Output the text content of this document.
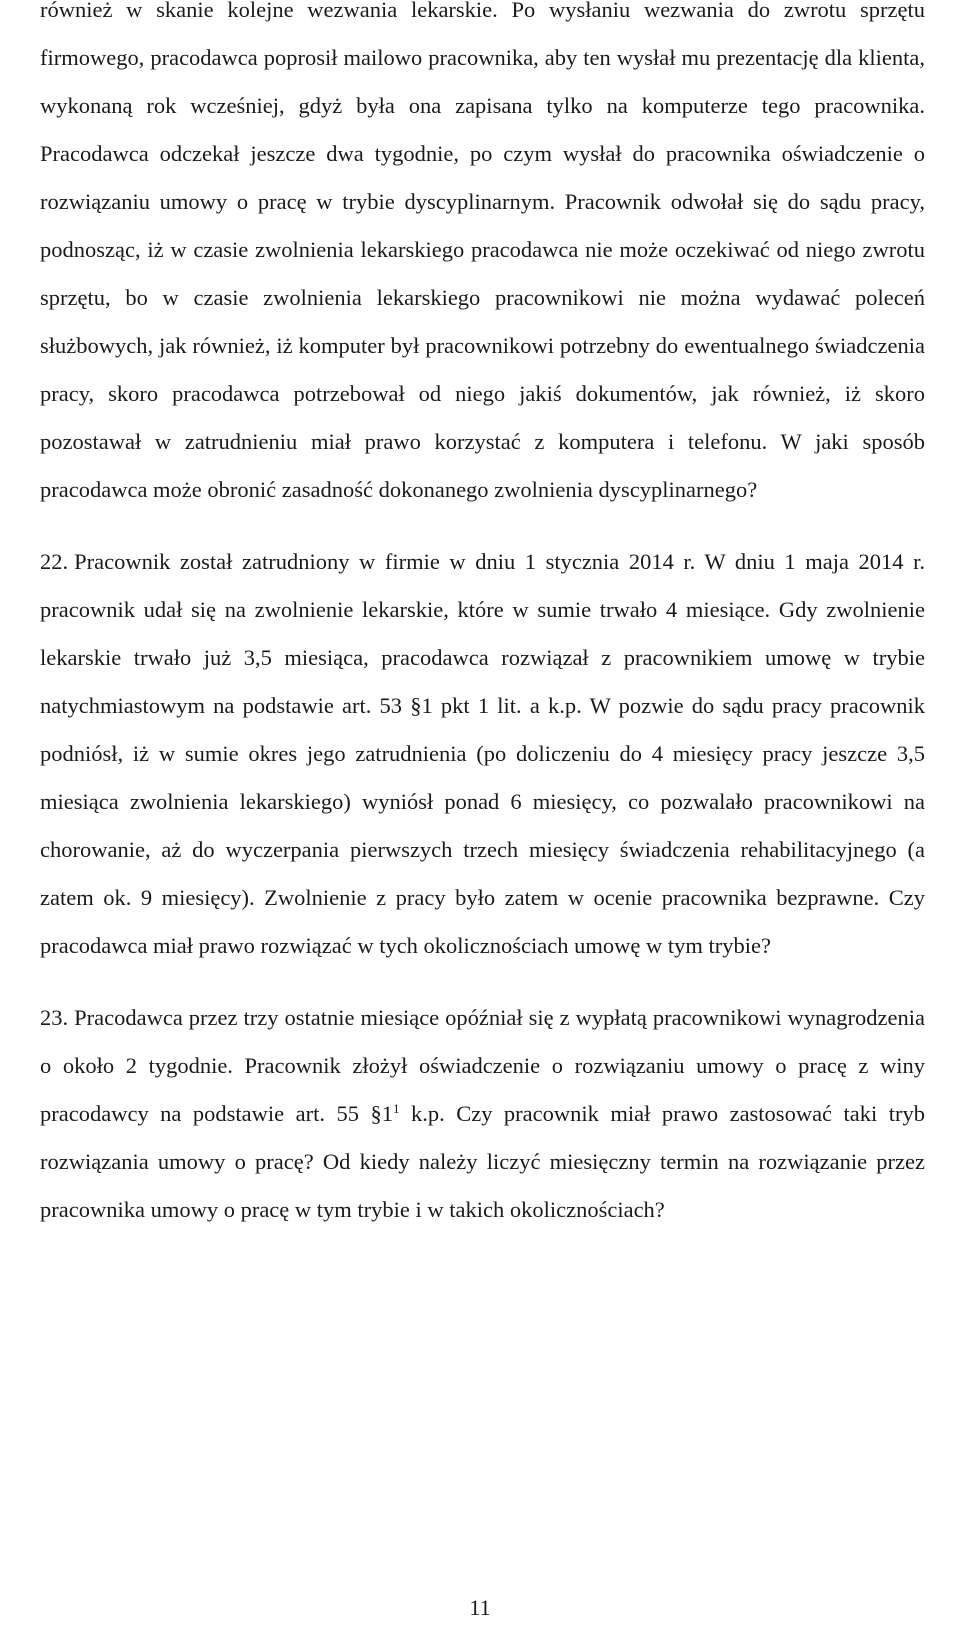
również w skanie kolejne wezwania lekarskie. Po wysłaniu wezwania do zwrotu sprzętu firmowego, pracodawca poprosił mailowo pracownika, aby ten wysłał mu prezentację dla klienta, wykonaną rok wcześniej, gdyż była ona zapisana tylko na komputerze tego pracownika. Pracodawca odczekał jeszcze dwa tygodnie, po czym wysłał do pracownika oświadczenie o rozwiązaniu umowy o pracę w trybie dyscyplinarnym. Pracownik odwołał się do sądu pracy, podnosząc, iż w czasie zwolnienia lekarskiego pracodawca nie może oczekiwać od niego zwrotu sprzętu, bo w czasie zwolnienia lekarskiego pracownikowi nie można wydawać poleceń służbowych, jak również, iż komputer był pracownikowi potrzebny do ewentualnego świadczenia pracy, skoro pracodawca potrzebował od niego jakiś dokumentów, jak również, iż skoro pozostawał w zatrudnieniu miał prawo korzystać z komputera i telefonu. W jaki sposób pracodawca może obronić zasadność dokonanego zwolnienia dyscyplinarnego?

22. Pracownik został zatrudniony w firmie w dniu 1 stycznia 2014 r. W dniu 1 maja 2014 r. pracownik udał się na zwolnienie lekarskie, które w sumie trwało 4 miesiące. Gdy zwolnienie lekarskie trwało już 3,5 miesiąca, pracodawca rozwiązał z pracownikiem umowę w trybie natychmiastowym na podstawie art. 53 §1 pkt 1 lit. a k.p. W pozwie do sądu pracy pracownik podniósł, iż w sumie okres jego zatrudnienia (po doliczeniu do 4 miesięcy pracy jeszcze 3,5 miesiąca zwolnienia lekarskiego) wyniósł ponad 6 miesięcy, co pozwalało pracownikowi na chorowanie, aż do wyczerpania pierwszych trzech miesięcy świadczenia rehabilitacyjnego (a zatem ok. 9 miesięcy). Zwolnienie z pracy było zatem w ocenie pracownika bezprawne. Czy pracodawca miał prawo rozwiązać w tych okolicznościach umowę w tym trybie?

23. Pracodawca przez trzy ostatnie miesiące opóźniał się z wypłatą pracownikowi wynagrodzenia o około 2 tygodnie. Pracownik złożył oświadczenie o rozwiązaniu umowy o pracę z winy pracodawcy na podstawie art. 55 $\S 1^1$ k.p. Czy pracownik miał prawo zastosować taki tryb rozwiązania umowy o pracę? Od kiedy należy liczyć miesięczny termin na rozwiązanie przez pracownika umowy o pracę w tym trybie i w takich okolicznościach?

11
